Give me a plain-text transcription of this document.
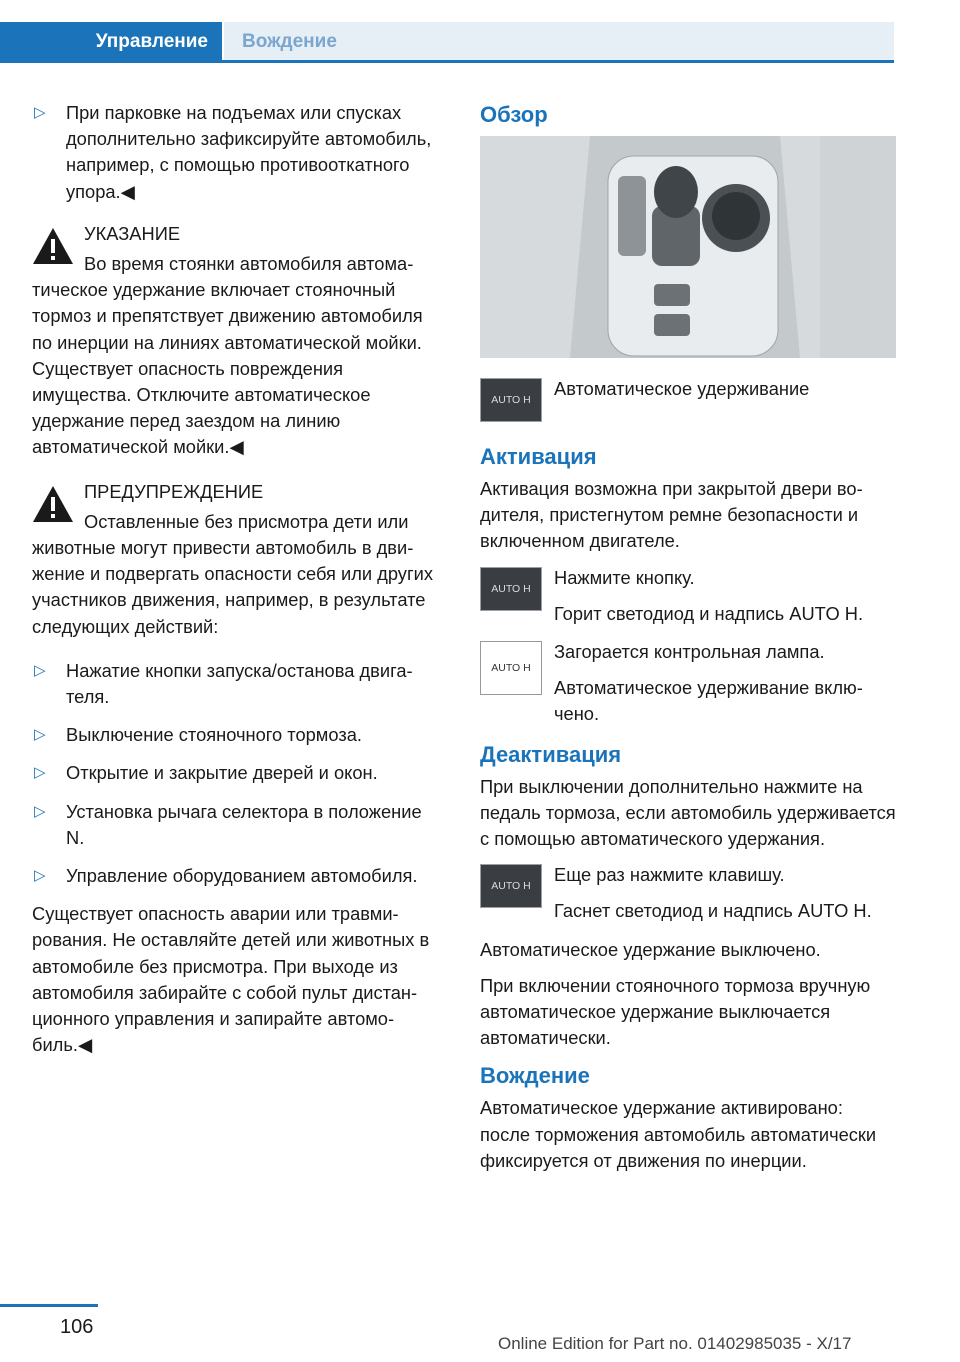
Управление	Вождение
▷ При парковке на подъемах или спусках дополнительно зафиксируйте автомобиль, например, с помощью противооткатного упора.◀

УКАЗАНИЕ

Во время стоянки автомобиля автоматическое удержание включает стояночный тормоз и препятствует движению автомобиля по инерции на линиях автоматической мойки. Существует опасность повреждения имущества. Отключите автоматическое удержание перед заездом на линию автоматической мойки.◀

ПРЕДУПРЕЖДЕНИЕ

Оставленные без присмотра дети или животные могут привести автомобиль в движение и подвергать опасности себя или других участников движения, например, в результате следующих действий:

▷ Нажатие кнопки запуска/останова двигателя.
▷ Выключение стояночного тормоза.
▷ Открытие и закрытие дверей и окон.
▷ Установка рычага селектора в положение N.
▷ Управление оборудованием автомобиля.

Существует опасность аварии или травмирования. Не оставляйте детей или животных в автомобиле без присмотра. При выходе из автомобиля забирайте с собой пульт дистанционного управления и запирайте автомобиль.◀

Обзор
AUTO H

Автоматическое удерживание

Активация

Активация возможна при закрытой двери водителя, пристегнутом ремне безопасности и включенном двигателе.

AUTO H

Нажмите кнопку.

Горит светодиод и надпись AUTO H.

AUTO H

Загорается контрольная лампа.

Автоматическое удерживание включено.

Деактивация

При выключении дополнительно нажмите на педаль тормоза, если автомобиль удерживается с помощью автоматического удержания.

AUTO H

Еще раз нажмите клавишу.

Гаснет светодиод и надпись AUTO H.

Автоматическое удержание выключено.

При включении стояночного тормоза вручную автоматическое удержание выключается автоматически.

Вождение

Автоматическое удержание активировано: после торможения автомобиль автоматически фиксируется от движения по инерции.

106
Online Edition for Part no. 01402985035 - X/17
